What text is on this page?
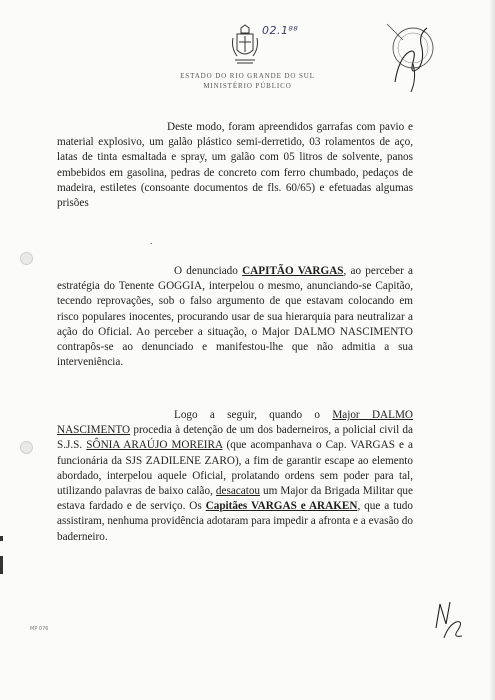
02.1⁸⁸
ESTADO DO RIO GRANDE DO SUL
MINISTÉRIO PÚBLICO

Deste modo, foram apreendidos garrafas com pavio e material explosivo, um galão plástico semi-derretido, 03 rolamentos de aço, latas de tinta esmaltada e spray, um galão com 05 litros de solvente, panos embebidos em gasolina, pedras de concreto com ferro chumbado, pedaços de madeira, estiletes (consoante documentos de fls. 60/65) e efetuadas algumas prisões

.

O denunciado CAPITÃO VARGAS, ao perceber a estratégia do Tenente GOGGIA, interpelou o mesmo, anunciando-se Capitão, tecendo reprovações, sob o falso argumento de que estavam colocando em risco populares inocentes, procurando usar de sua hierarquia para neutralizar a ação do Oficial. Ao perceber a situação, o Major DALMO NASCIMENTO contrapôs-se ao denunciado e manifestou-lhe que não admitia a sua interveniência.

Logo a seguir, quando o Major DALMO NASCIMENTO procedia à detenção de um dos baderneiros, a policial civil da S.J.S. SÔNIA ARAÚJO MOREIRA (que acompanhava o Cap. VARGAS e a funcionária da SJS ZADILENE ZARO), a fim de garantir escape ao elemento abordado, interpelou aquele Oficial, prolatando ordens sem poder para tal, utilizando palavras de baixo calão, desacatou um Major da Brigada Militar que estava fardado e de serviço. Os Capitães VARGAS e ARAKEN, que a tudo assistiram, nenhuma providência adotaram para impedir a afronta e a evasão do baderneiro.

MP 076
